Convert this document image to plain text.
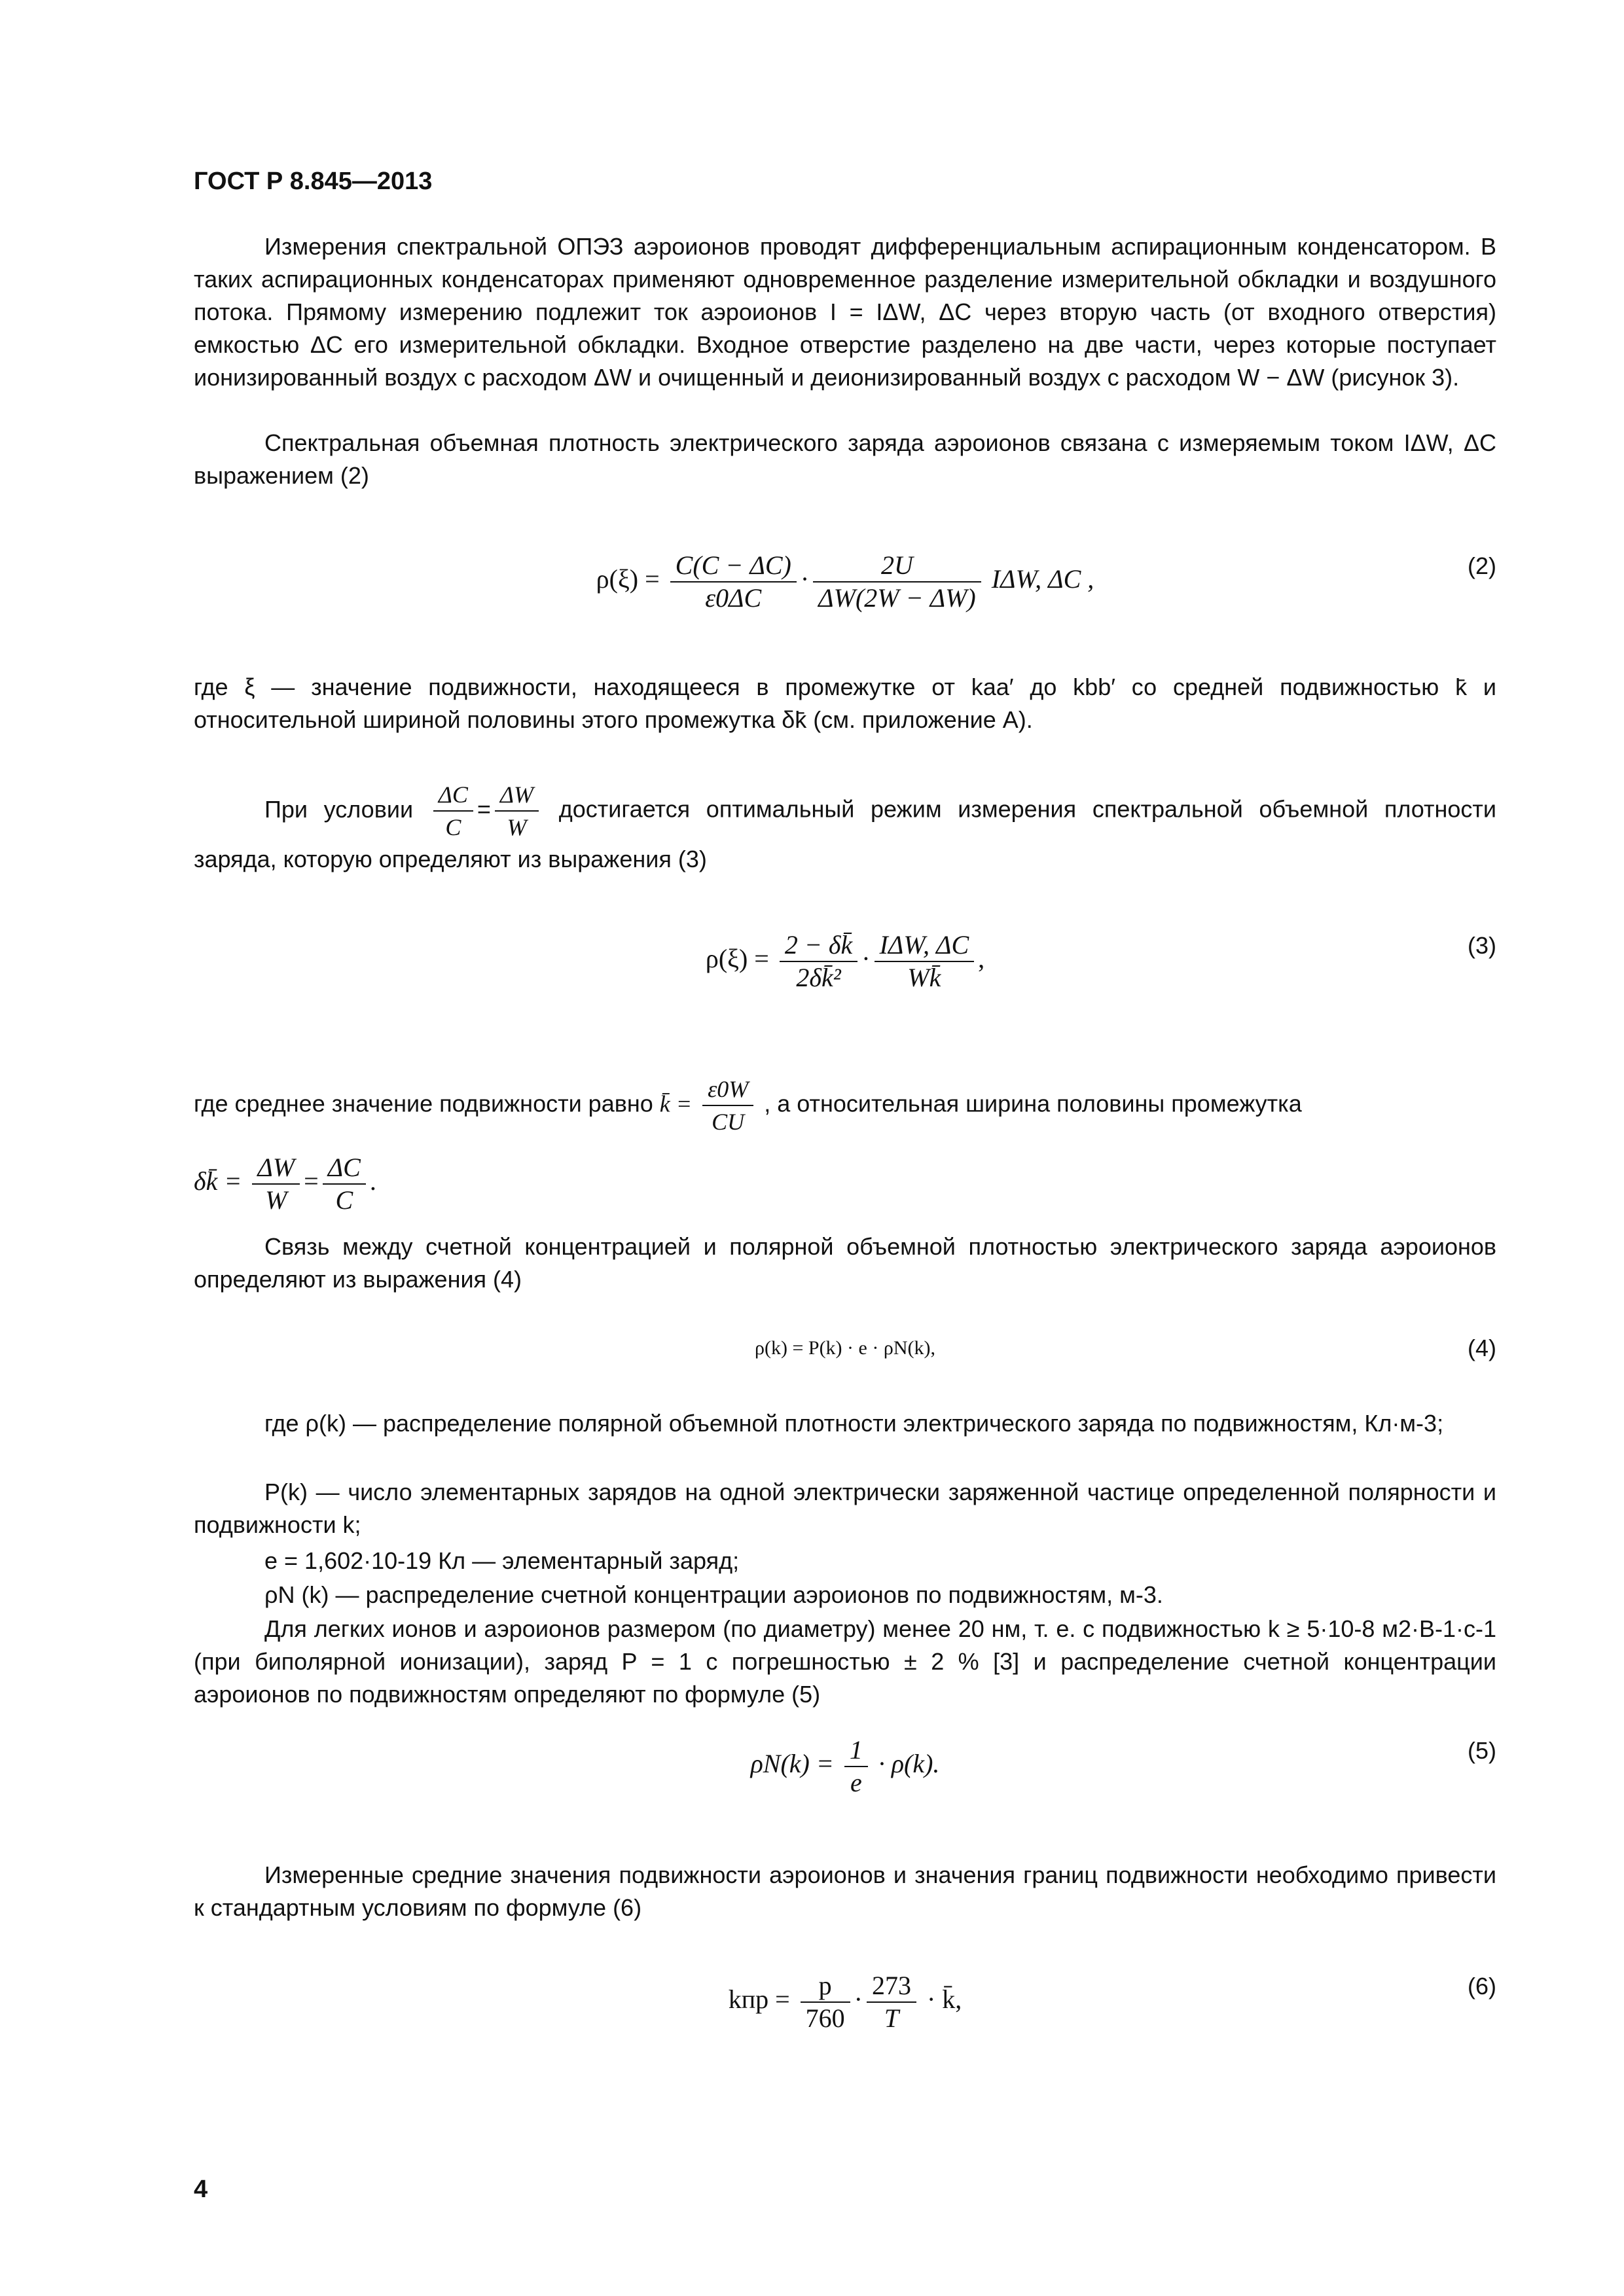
ГОСТ Р 8.845—2013
Измерения спектральной ОПЭЗ аэроионов проводят дифференциальным аспирационным конденсатором. В таких аспирационных конденсаторах применяют одновременное разделение измерительной обкладки и воздушного потока. Прямому измерению подлежит ток аэроионов I = IΔW, ΔC через вторую часть (от входного отверстия) емкостью ΔC его измерительной обкладки. Входное отверстие разделено на две части, через которые поступает ионизированный воздух с расходом ΔW и очищенный и деионизированный воздух с расходом W − ΔW (рисунок 3).
Спектральная объемная плотность электрического заряда аэроионов связана с измеряемым током IΔW, ΔC выражением (2)
$\rho(\xi) = \frac{C(C - \Delta C)}{\varepsilon 0\Delta C} \cdot \frac{2U}{\Delta W(2W - \Delta W)} I\Delta W$, ΔC ,	(2)
где ξ — значение подвижности, находящееся в промежутке от kaa′ до kbb′ со средней подвижностью k̄ и относительной шириной половины этого промежутка δk̄ (см. приложение А).
При условии $\frac{\Delta C}{C} = \frac{\Delta W}{W}$ достигается оптимальный режим измерения спектральной объемной плотности заряда, которую определяют из выражения (3)
$\rho(\xi) = \frac{2 - \delta k̄}{\text{2δk̄²}} \cdot \frac{\text{IΔW, ΔC}}{Wk̄}$ ,	(3)
где среднее значение подвижности равно k̄ = $\frac{\varepsilon 0W}{CU}$ , а относительная ширина половины промежутка
δk̄ = $\frac{\Delta W}{W} = \frac{\Delta C}{C}$ .
Связь между счетной концентрацией и полярной объемной плотностью электрического заряда аэроионов определяют из выражения (4)
ρ(k) = P(k) · e · ρN(k),	(4)
где ρ(k) — распределение полярной объемной плотности электрического заряда по подвижностям, Кл·м-3;
P(k) — число элементарных зарядов на одной электрически заряженной частице определенной полярности и подвижности k;
e = 1,602·10-19 Кл — элементарный заряд;
ρN (k) — распределение счетной концентрации аэроионов по подвижностям, м-3.
Для легких ионов и аэроионов размером (по диаметру) менее 20 нм, т. е. с подвижностью k ≥ 5·10-8 м2·В-1·с-1 (при биполярной ионизации), заряд P = 1 с погрешностью ± 2 % [3] и распределение счетной концентрации аэроионов по подвижностям определяют по формуле (5)
$\rho N(k) = \frac{1}{e} \cdot \rho(k)$.	(5)
Измеренные средние значения подвижности аэроионов и значения границ подвижности необходимо привести к стандартным условиям по формуле (6)
kпр = $\frac{p}{760} \cdot \frac{273}{T}$ · k̄,	(6)
4
